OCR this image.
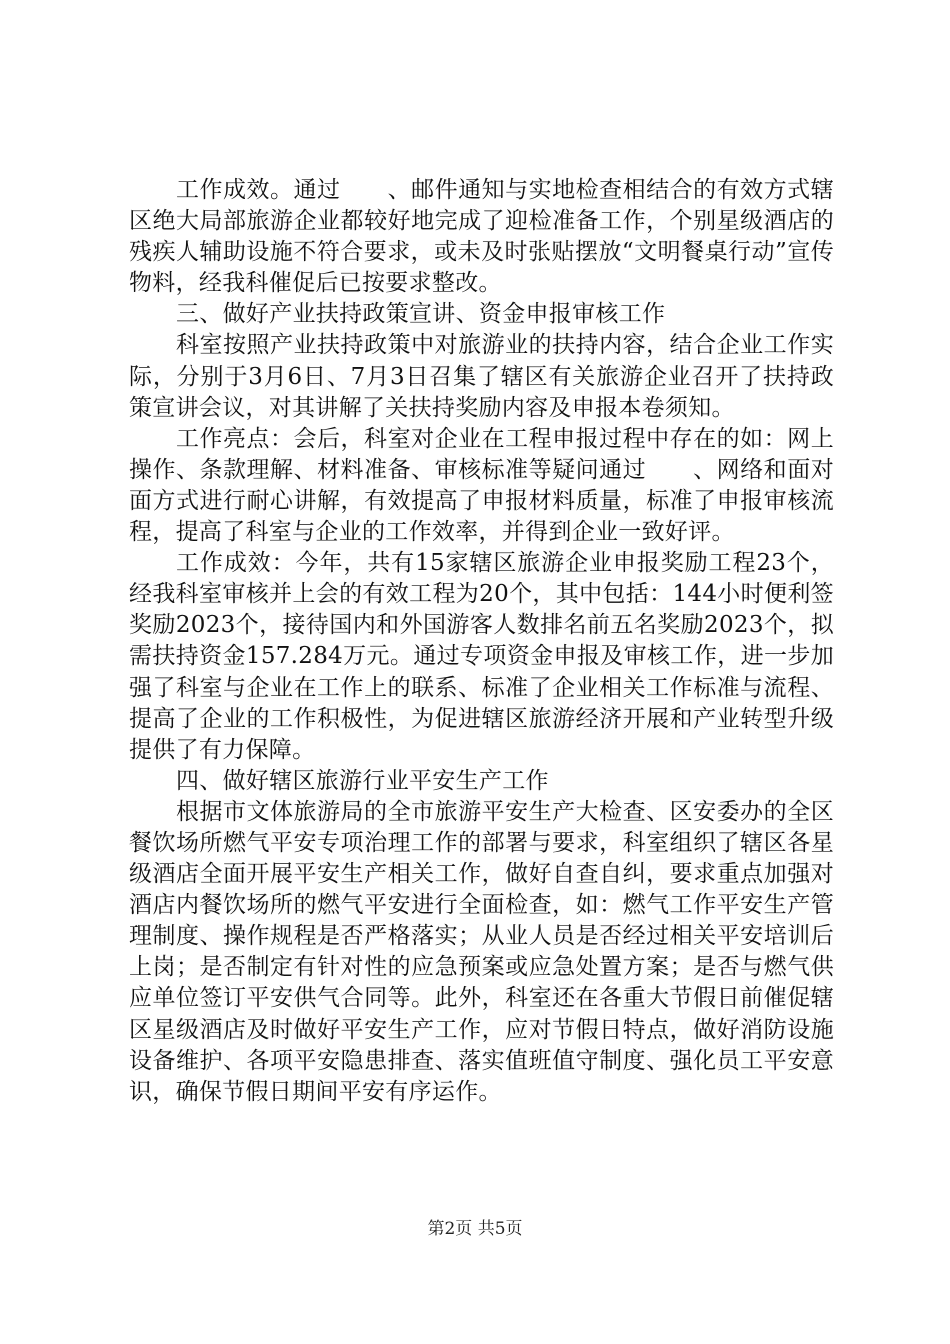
工作成效。通过　　、邮件通知与实地检查相结合的有效方式辖区绝大局部旅游企业都较好地完成了迎检准备工作，个别星级酒店的残疾人辅助设施不符合要求，或未及时张贴摆放“文明餐桌行动”宣传物料，经我科催促后已按要求整改。

三、做好产业扶持政策宣讲、资金申报审核工作

科室按照产业扶持政策中对旅游业的扶持内容，结合企业工作实际，分别于3月6日、7月3日召集了辖区有关旅游企业召开了扶持政策宣讲会议，对其讲解了关扶持奖励内容及申报本卷须知。

工作亮点：会后，科室对企业在工程申报过程中存在的如：网上操作、条款理解、材料准备、审核标准等疑问通过　　、网络和面对面方式进行耐心讲解，有效提高了申报材料质量，标准了申报审核流程，提高了科室与企业的工作效率，并得到企业一致好评。

工作成效：今年，共有15家辖区旅游企业申报奖励工程23个，经我科室审核并上会的有效工程为20个，其中包括：144小时便利签奖励2023个，接待国内和外国游客人数排名前五名奖励2023个，拟需扶持资金157.284万元。通过专项资金申报及审核工作，进一步加强了科室与企业在工作上的联系、标准了企业相关工作标准与流程、提高了企业的工作积极性，为促进辖区旅游经济开展和产业转型升级提供了有力保障。

四、做好辖区旅游行业平安生产工作

根据市文体旅游局的全市旅游平安生产大检查、区安委办的全区餐饮场所燃气平安专项治理工作的部署与要求，科室组织了辖区各星级酒店全面开展平安生产相关工作，做好自查自纠，要求重点加强对酒店内餐饮场所的燃气平安进行全面检查，如：燃气工作平安生产管理制度、操作规程是否严格落实；从业人员是否经过相关平安培训后上岗；是否制定有针对性的应急预案或应急处置方案；是否与燃气供应单位签订平安供气合同等。此外，科室还在各重大节假日前催促辖区星级酒店及时做好平安生产工作，应对节假日特点，做好消防设施设备维护、各项平安隐患排查、落实值班值守制度、强化员工平安意识，确保节假日期间平安有序运作。

第2页 共5页
